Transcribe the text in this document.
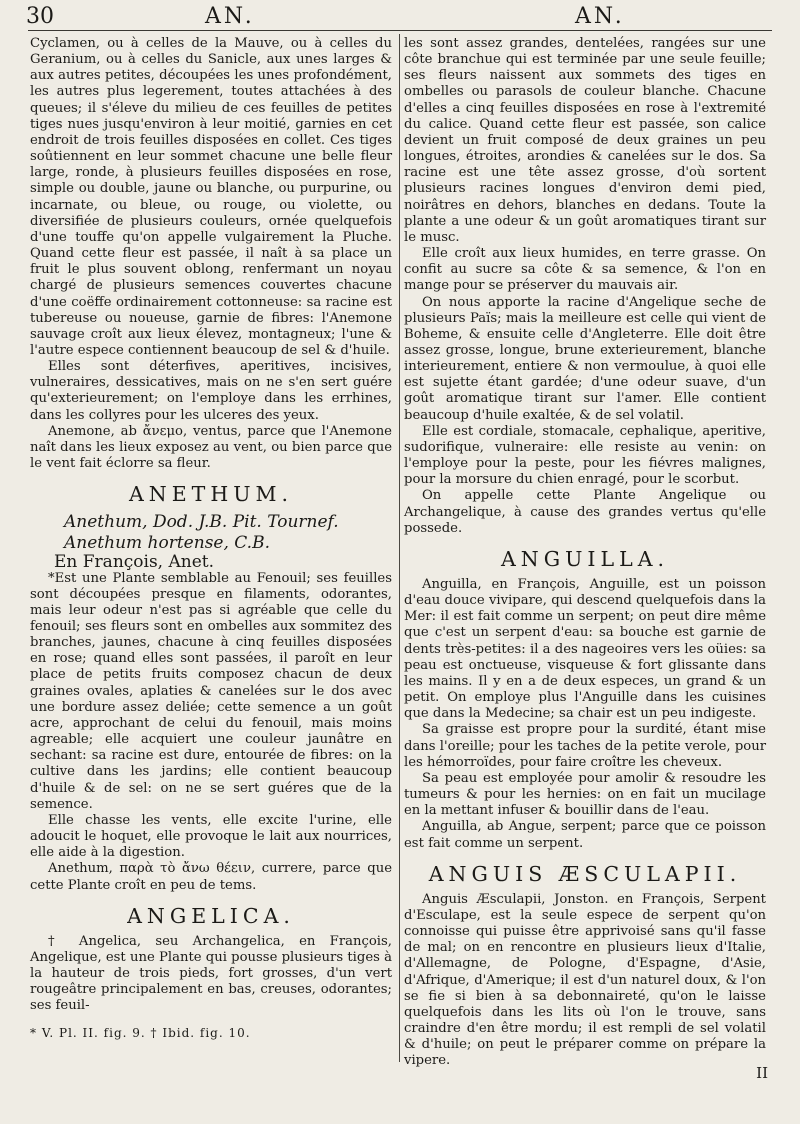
30	AN.	AN.

Cyclamen, ou à celles de la Mauve, ou à celles du Geranium, ou à celles du Sanicle, aux unes larges & aux autres petites, découpées les unes profondément, les autres plus legerement, toutes attachées à des queues; il s'éleve du milieu de ces feuilles de petites tiges nues jusqu'environ à leur moitié, garnies en cet endroit de trois feuilles disposées en collet. Ces tiges soûtiennent en leur sommet chacune une belle fleur large, ronde, à plusieurs feuilles disposées en rose, simple ou double, jaune ou blanche, ou purpurine, ou incarnate, ou bleue, ou rouge, ou violette, ou diversifiée de plusieurs couleurs, ornée quelquefois d'une touffe qu'on appelle vulgairement la Pluche. Quand cette fleur est passée, il naît à sa place un fruit le plus souvent oblong, renfermant un noyau chargé de plusieurs semences couvertes chacune d'une coëffe ordinairement cottonneuse: sa racine est tubereuse ou noueuse, garnie de fibres: l'Anemone sauvage croît aux lieux élevez, montagneux; l'une & l'autre espece contiennent beaucoup de sel & d'huile.

Elles sont déterfives, aperitives, incisives, vulneraires, dessicatives, mais on ne s'en sert guére qu'exterieurement; on l'employe dans les errhines, dans les collyres pour les ulceres des yeux.

Anemone, ab ἄνεμο, ventus, parce que l'Anemone naît dans les lieux exposez au vent, ou bien parce que le vent fait éclorre sa fleur.

ANETHUM.

Anethum, Dod. J.B. Pit. Tournef.

Anethum hortense, C.B.

En François, Anet.

*Est une Plante semblable au Fenouil; ses feuilles sont découpées presque en filaments, odorantes, mais leur odeur n'est pas si agréable que celle du fenouil; ses fleurs sont en ombelles aux sommitez des branches, jaunes, chacune à cinq feuilles disposées en rose; quand elles sont passées, il paroît en leur place de petits fruits composez chacun de deux graines ovales, aplaties & canelées sur le dos avec une bordure assez deliée; cette semence a un goût acre, approchant de celui du fenouil, mais moins agreable; elle acquiert une couleur jaunâtre en sechant: sa racine est dure, entourée de fibres: on la cultive dans les jardins; elle contient beaucoup d'huile & de sel: on ne se sert guéres que de la semence.

Elle chasse les vents, elle excite l'urine, elle adoucit le hoquet, elle provoque le lait aux nourrices, elle aide à la digestion.

Anethum, παρὰ τὸ ἄνω θέειν, currere, parce que cette Plante croît en peu de tems.

ANGELICA.

† Angelica, seu Archangelica, en François, Angelique, est une Plante qui pousse plusieurs tiges à la hauteur de trois pieds, fort grosses, d'un vert rougeâtre principalement en bas, creuses, odorantes; ses feuil-

* V. Pl. II. fig. 9. † Ibid. fig. 10.

les sont assez grandes, dentelées, rangées sur une côte branchue qui est terminée par une seule feuille; ses fleurs naissent aux sommets des tiges en ombelles ou parasols de couleur blanche. Chacune d'elles a cinq feuilles disposées en rose à l'extremité du calice. Quand cette fleur est passée, son calice devient un fruit composé de deux graines un peu longues, étroites, arondies & canelées sur le dos. Sa racine est une tête assez grosse, d'où sortent plusieurs racines longues d'environ demi pied, noirâtres en dehors, blanches en dedans. Toute la plante a une odeur & un goût aromatiques tirant sur le musc.

Elle croît aux lieux humides, en terre grasse. On confit au sucre sa côte & sa semence, & l'on en mange pour se préserver du mauvais air.

On nous apporte la racine d'Angelique seche de plusieurs Païs; mais la meilleure est celle qui vient de Boheme, & ensuite celle d'Angleterre. Elle doit être assez grosse, longue, brune exterieurement, blanche interieurement, entiere & non vermoulue, à quoi elle est sujette étant gardée; d'une odeur suave, d'un goût aromatique tirant sur l'amer. Elle contient beaucoup d'huile exaltée, & de sel volatil.

Elle est cordiale, stomacale, cephalique, aperitive, sudorifique, vulneraire: elle resiste au venin: on l'employe pour la peste, pour les fiévres malignes, pour la morsure du chien enragé, pour le scorbut.

On appelle cette Plante Angelique ou Archangelique, à cause des grandes vertus qu'elle possede.

ANGUILLA.

Anguilla, en François, Anguille, est un poisson d'eau douce vivipare, qui descend quelquefois dans la Mer: il est fait comme un serpent; on peut dire même que c'est un serpent d'eau: sa bouche est garnie de dents très-petites: il a des nageoires vers les oüies: sa peau est onctueuse, visqueuse & fort glissante dans les mains. Il y en a de deux especes, un grand & un petit. On employe plus l'Anguille dans les cuisines que dans la Medecine; sa chair est un peu indigeste.

Sa graisse est propre pour la surdité, étant mise dans l'oreille; pour les taches de la petite verole, pour les hémorroïdes, pour faire croître les cheveux.

Sa peau est employée pour amolir & resoudre les tumeurs & pour les hernies: on en fait un mucilage en la mettant infuser & bouillir dans de l'eau.

Anguilla, ab Angue, serpent; parce que ce poisson est fait comme un serpent.

ANGUIS ÆSCULAPII.

Anguis Æsculapii, Jonston. en François, Serpent d'Esculape, est la seule espece de serpent qu'on connoisse qui puisse être apprivoisé sans qu'il fasse de mal; on en rencontre en plusieurs lieux d'Italie, d'Allemagne, de Pologne, d'Espagne, d'Asie, d'Afrique, d'Amerique; il est d'un naturel doux, & l'on se fie si bien à sa debonnaireté, qu'on le laisse quelquefois dans les lits où l'on le trouve, sans craindre d'en être mordu; il est rempli de sel volatil & d'huile; on peut le préparer comme on prépare la vipere.

II
